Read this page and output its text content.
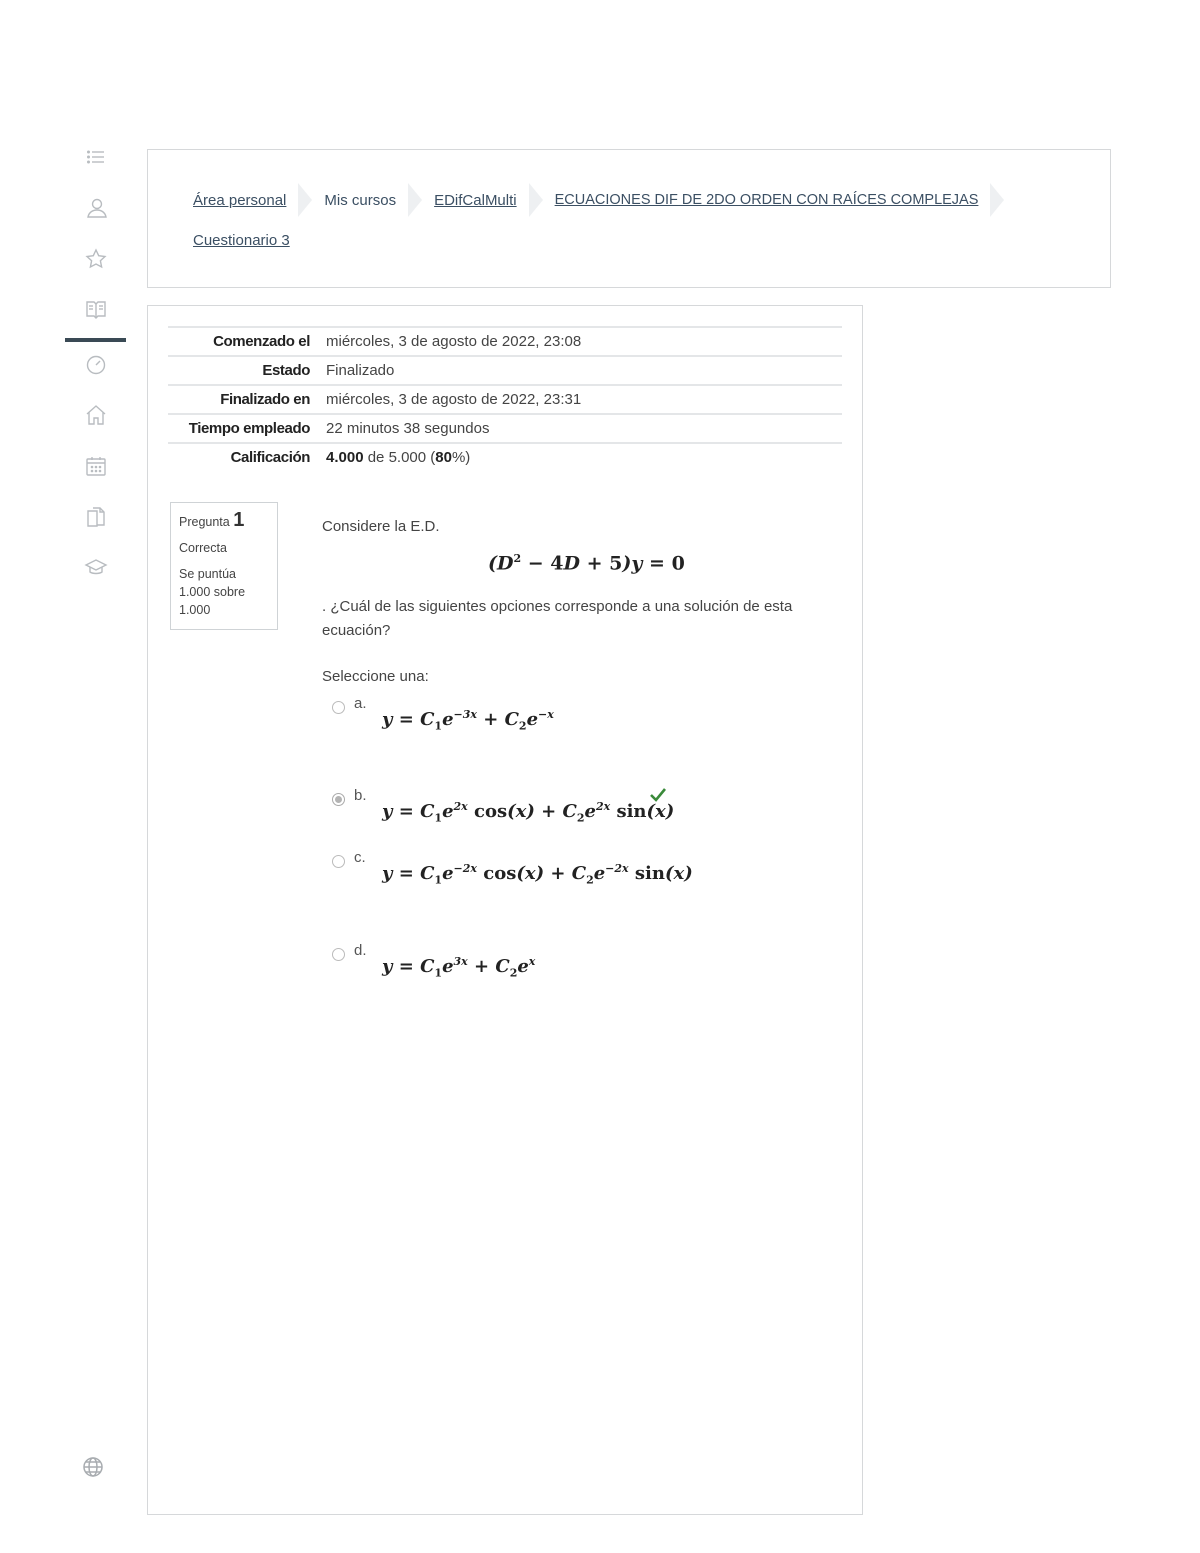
Área personal	Mis cursos	EDifCalMulti	ECUACIONES DIF DE 2DO ORDEN CON RAÍCES COMPLEJAS
Cuestionario 3
Comenzado el	miércoles, 3 de agosto de 2022, 23:08
Estado	Finalizado
Finalizado en	miércoles, 3 de agosto de 2022, 23:31
Tiempo empleado	22 minutos 38 segundos
Calificación	4.000 de 5.000 (80%)
Pregunta 1
Correcta
Se puntúa 1.000 sobre 1.000
Considere la E.D.
$(D^2 - 4D + 5)y = 0$
. ¿Cuál de las siguientes opciones corresponde a una solución de esta ecuación?
Seleccione una:
a.
$y = C_1e^{-3x} + C_2e^{-x}$
b.
$y = C_1e^{2x}$ $\cos(x) + C_2e^{2x}$ sin(x)
c.
$y = C_1e^{-2x}$ $\cos(x) + C_2e^{-2x}$ sin(x)
d.
$y = C_1e^{3x} + C_2e^x$
